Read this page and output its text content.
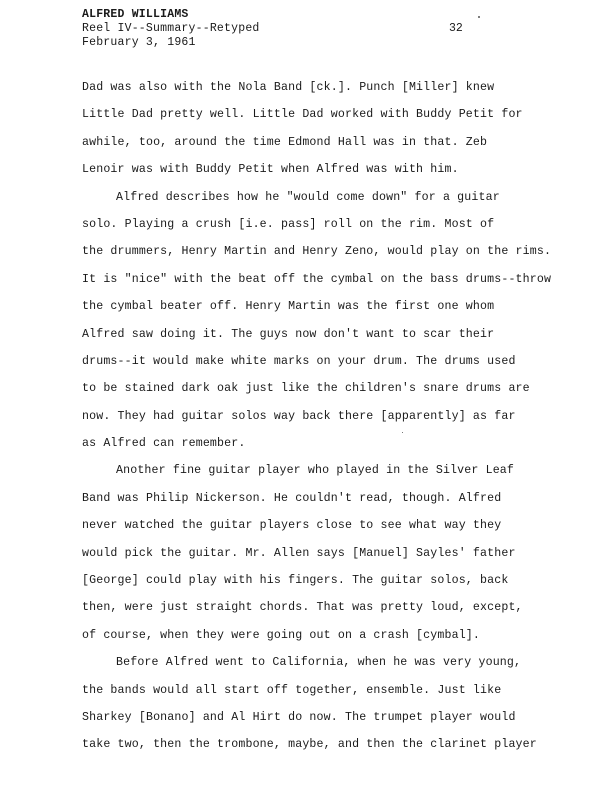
ALFRED WILLIAMS
Reel IV--Summary--Retyped
February 3, 1961
32
Dad was also with the Nola Band [ck.]. Punch [Miller] knew
Little Dad pretty well. Little Dad worked with Buddy Petit for
awhile, too, around the time Edmond Hall was in that. Zeb
Lenoir was with Buddy Petit when Alfred was with him.
Alfred describes how he "would come down" for a guitar
solo. Playing a crush [i.e. pass] roll on the rim. Most of
the drummers, Henry Martin and Henry Zeno, would play on the rims.
It is "nice" with the beat off the cymbal on the bass drums--throw
the cymbal beater off. Henry Martin was the first one whom
Alfred saw doing it. The guys now don't want to scar their
drums--it would make white marks on your drum. The drums used
to be stained dark oak just like the children's snare drums are
now. They had guitar solos way back there [apparently] as far
as Alfred can remember.
Another fine guitar player who played in the Silver Leaf
Band was Philip Nickerson. He couldn't read, though. Alfred
never watched the guitar players close to see what way they
would pick the guitar. Mr. Allen says [Manuel] Sayles' father
[George] could play with his fingers. The guitar solos, back
then, were just straight chords. That was pretty loud, except,
of course, when they were going out on a crash [cymbal].
Before Alfred went to California, when he was very young,
the bands would all start off together, ensemble. Just like
Sharkey [Bonano] and Al Hirt do now. The trumpet player would
take two, then the trombone, maybe, and then the clarinet player
